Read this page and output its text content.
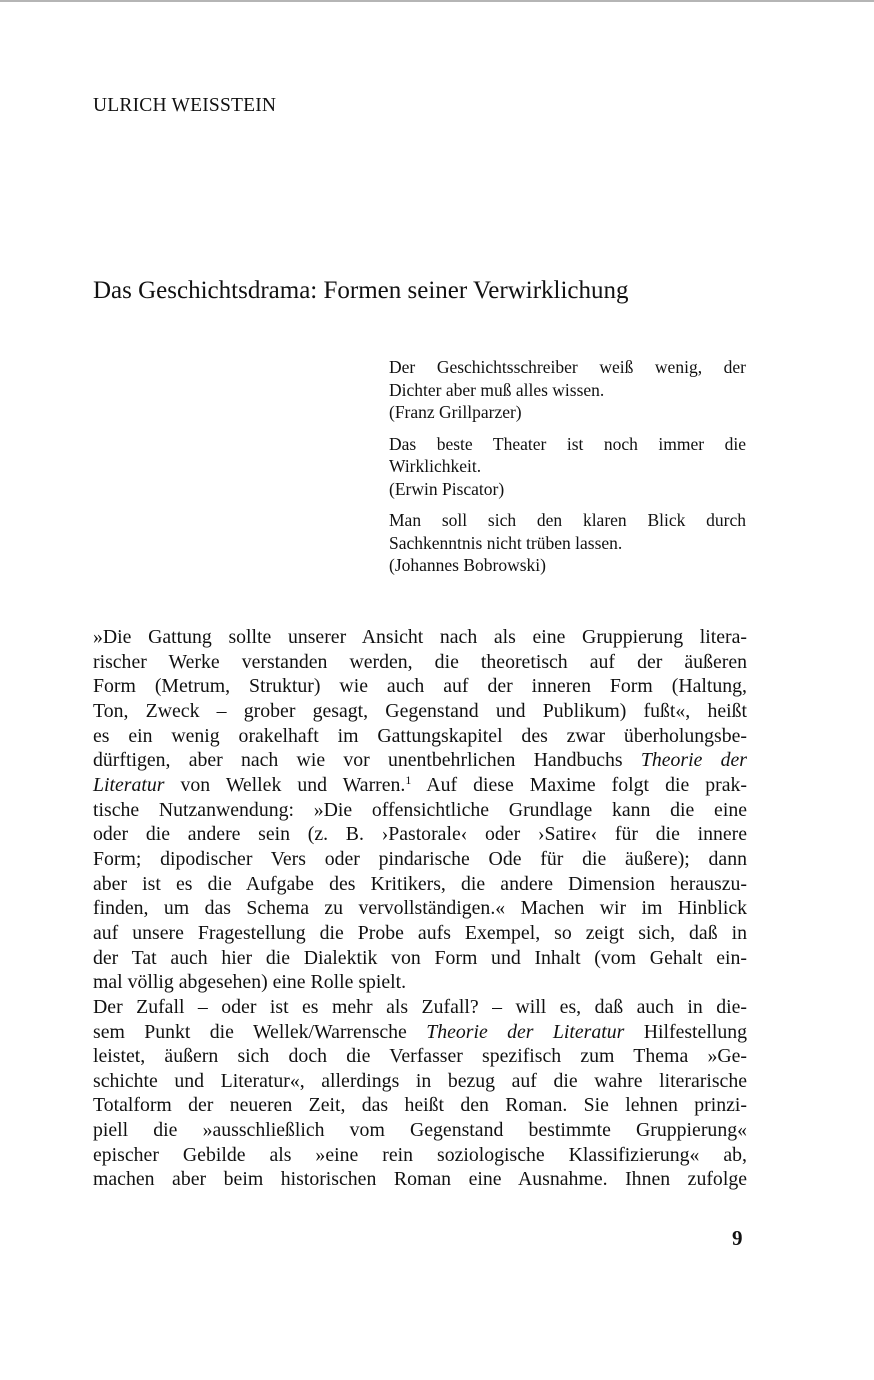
ULRICH WEISSTEIN
Das Geschichtsdrama: Formen seiner Verwirklichung
Der Geschichtsschreiber weiß wenig, der
Dichter aber muß alles wissen.
(Franz Grillparzer)
Das beste Theater ist noch immer die
Wirklichkeit.
(Erwin Piscator)
Man soll sich den klaren Blick durch
Sachkenntnis nicht trüben lassen.
(Johannes Bobrowski)
»Die Gattung sollte unserer Ansicht nach als eine Gruppierung litera-
rischer Werke verstanden werden, die theoretisch auf der äußeren
Form (Metrum, Struktur) wie auch auf der inneren Form (Haltung,
Ton, Zweck – grober gesagt, Gegenstand und Publikum) fußt«, heißt
es ein wenig orakelhaft im Gattungskapitel des zwar überholungsbe-
dürftigen, aber nach wie vor unentbehrlichen Handbuchs Theorie der
Literatur von Wellek und Warren.$^1$ Auf diese Maxime folgt die prak-
tische Nutzanwendung: »Die offensichtliche Grundlage kann die eine
oder die andere sein (z. B. ›Pastorale‹ oder ›Satire‹ für die innere
Form; dipodischer Vers oder pindarische Ode für die äußere); dann
aber ist es die Aufgabe des Kritikers, die andere Dimension herauszu-
finden, um das Schema zu vervollständigen.« Machen wir im Hinblick
auf unsere Fragestellung die Probe aufs Exempel, so zeigt sich, daß in
der Tat auch hier die Dialektik von Form und Inhalt (vom Gehalt ein-
mal völlig abgesehen) eine Rolle spielt.
Der Zufall – oder ist es mehr als Zufall? – will es, daß auch in die-
sem Punkt die Wellek/Warrensche Theorie der Literatur Hilfestellung
leistet, äußern sich doch die Verfasser spezifisch zum Thema »Ge-
schichte und Literatur«, allerdings in bezug auf die wahre literarische
Totalform der neueren Zeit, das heißt den Roman. Sie lehnen prinzi-
piell die »ausschließlich vom Gegenstand bestimmte Gruppierung«
epischer Gebilde als »eine rein soziologische Klassifizierung« ab,
machen aber beim historischen Roman eine Ausnahme. Ihnen zufolge
9
